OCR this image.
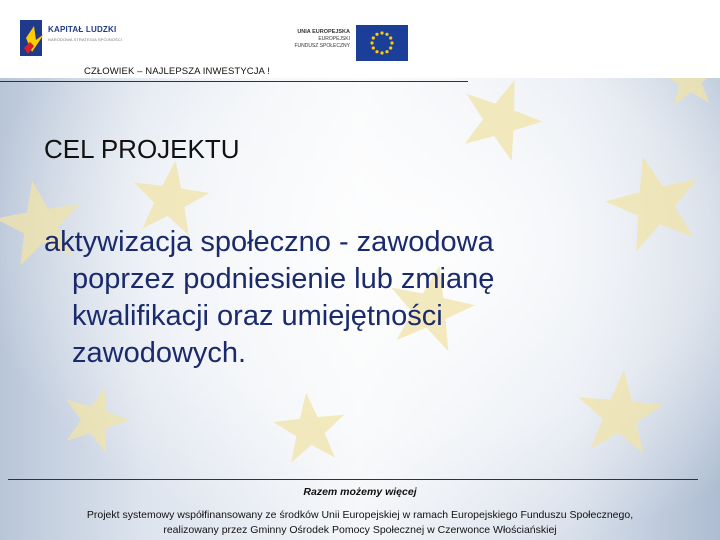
KAPITAŁ LUDZKI
NARODOWA STRATEGIA SPÓJNOŚCI
UNIA EUROPEJSKA
EUROPEJSKI
FUNDUSZ SPOŁECZNY
CZŁOWIEK – NAJLEPSZA INWESTYCJA !
CEL PROJEKTU
aktywizacja społeczno - zawodowa
poprzez podniesienie lub zmianę
kwalifikacji oraz umiejętności
zawodowych.
Razem możemy więcej
Projekt systemowy współfinansowany ze środków Unii Europejskiej w ramach Europejskiego Funduszu Społecznego,
realizowany przez Gminny Ośrodek Pomocy Społecznej w Czerwonce Włościańskiej
